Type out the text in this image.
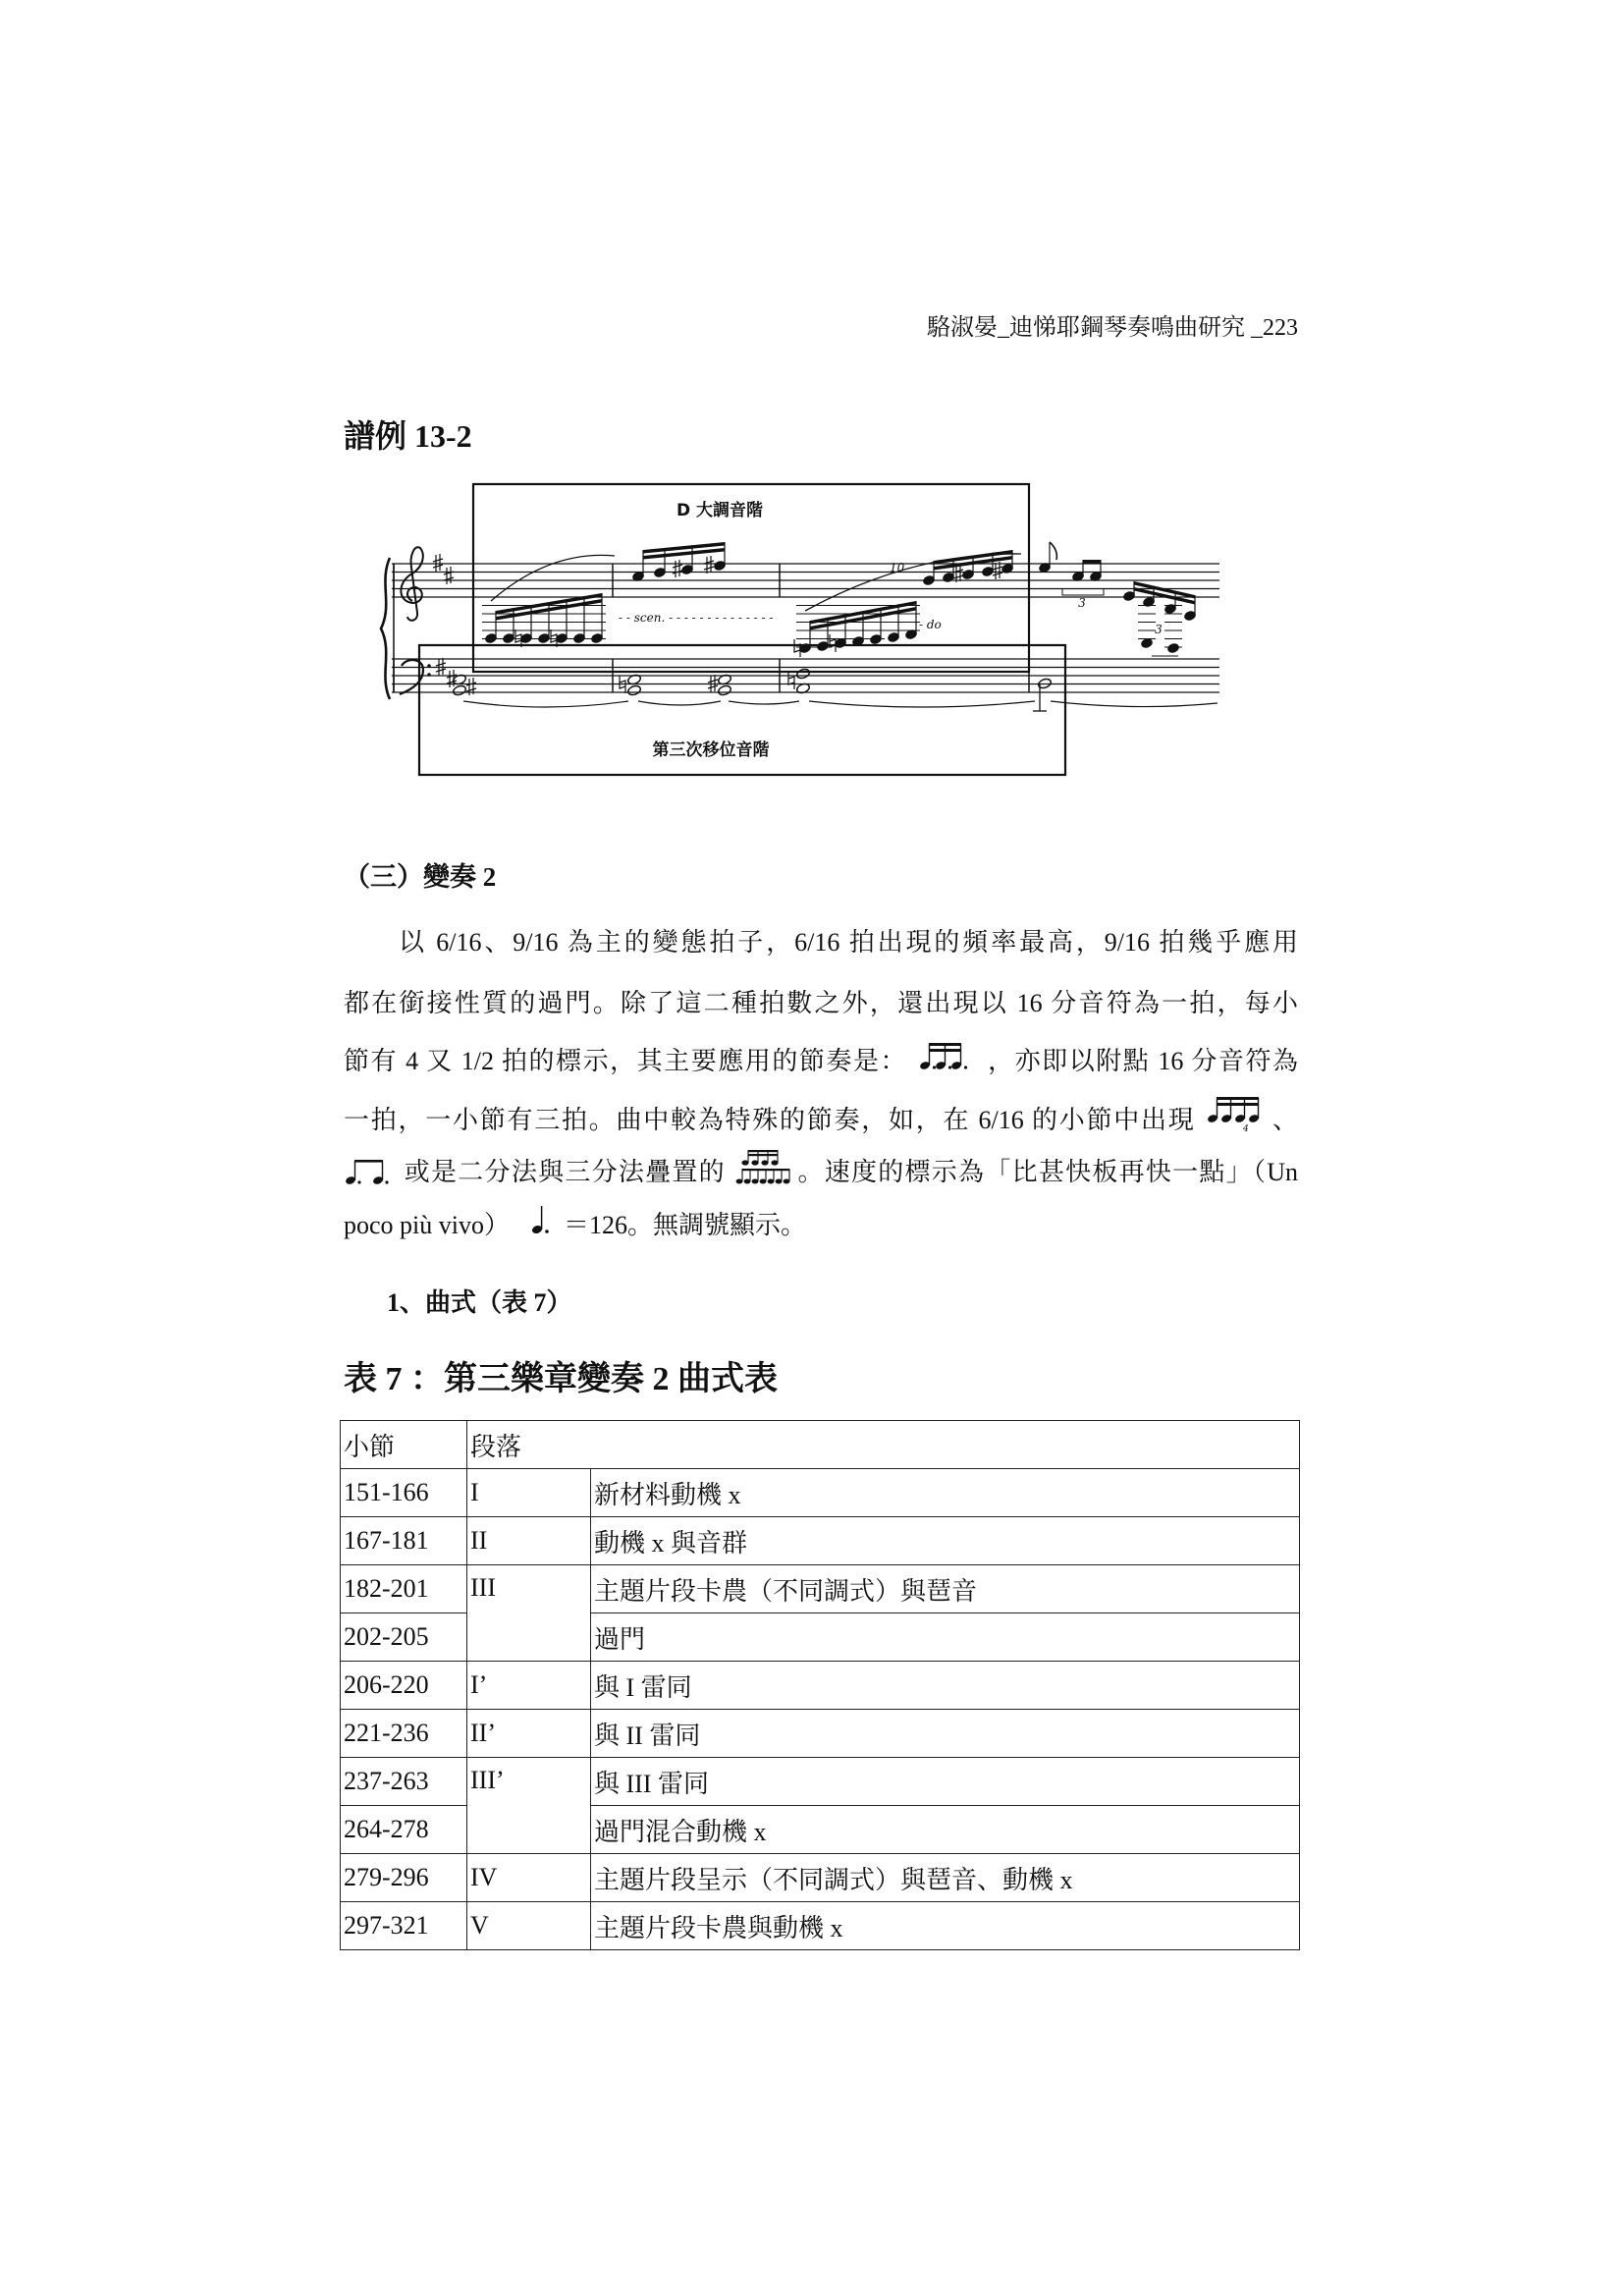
駱淑晏_迪悌耶鋼琴奏鳴曲研究 _223
譜例 13-2
D 大調音階
第三次移位音階
- - scen. - - - - - - - - - - - - - -	- do
10
3
3
（三）變奏 2
以 6/16、9/16 為主的變態拍子，6/16 拍出現的頻率最高，9/16 拍幾乎應用
都在銜接性質的過門。除了這二種拍數之外，還出現以 16 分音符為一拍，每小
節有 4 又 1/2 拍的標示，其主要應用的節奏是：	，亦即以附點 16 分音符為
一拍，一小節有三拍。曲中較為特殊的節奏，如，在 6/16 的小節中出現	4 、
或是二分法與三分法疊置的	。速度的標示為「比甚快板再快一點」（Un
poco più vivo） ＝126。無調號顯示。
1、曲式（表 7）
表 7 ：第三樂章變奏 2 曲式表
小節	段落	
151-166	I	新材料動機 x
167-181	II	動機 x 與音群
182-201	III	主題片段卡農（不同調式）與琶音
202-205		過門
206-220	I’	與 I 雷同
221-236	II’	與 II 雷同
237-263	III’	與 III 雷同
264-278		過門混合動機 x
279-296	IV	主題片段呈示（不同調式）與琶音、動機 x
297-321	V	主題片段卡農與動機 x
